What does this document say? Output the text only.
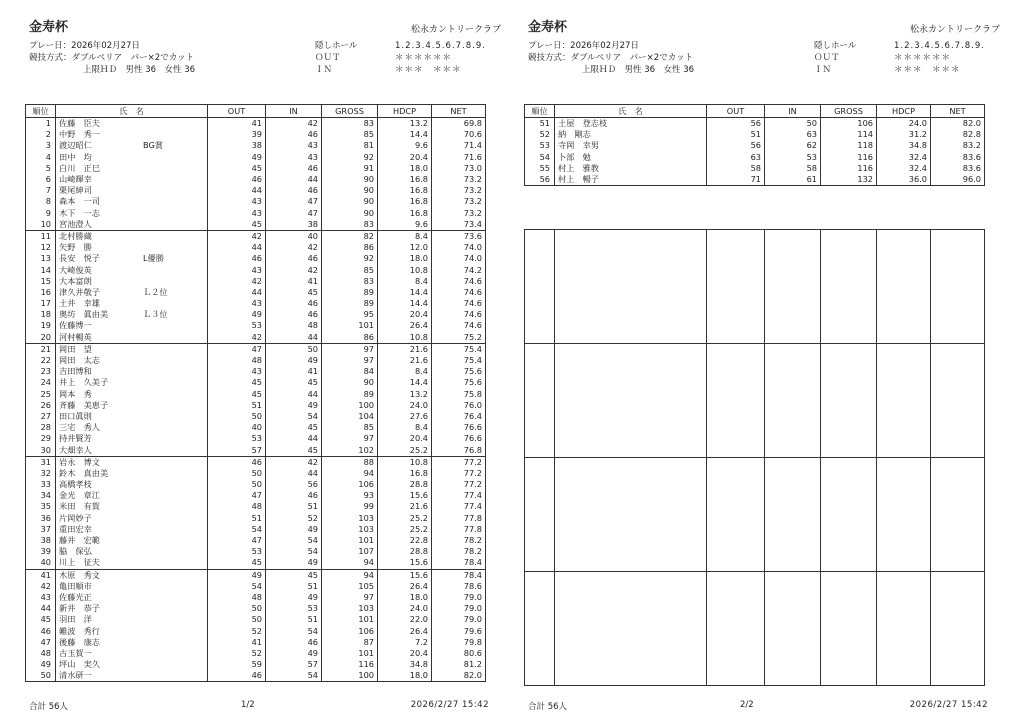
金寿杯	松永カントリークラブ
プレー日：2026年02月27日
競技方式：ダブルペリア　パー×2でカット
上限ＨＤ　男性 36　女性 36
隠しホール
ＯＵＴ
ＩＮ
1.2.3.4.5.6.7.8.9.
＊＊＊＊＊＊
＊＊＊　＊＊＊
順位	氏　名	OUT	IN	GROSS	HDCP	NET
1	佐藤　臣夫	41	42	83	13.2	69.8
2	中野　秀一	39	46	85	14.4	70.6
3	渡辺昭仁 BG賞	38	43	81	9.6	71.4
4	田中　均	49	43	92	20.4	71.6
5	白川　正巳	45	46	91	18.0	73.0
6	山崎輝幸	46	44	90	16.8	73.2
7	栗尾紳司	44	46	90	16.8	73.2
8	森本　一司	43	47	90	16.8	73.2
9	木下　一志	43	47	90	16.8	73.2
10	宮池澄人	45	38	83	9.6	73.4
11	北村勝蔵	42	40	82	8.4	73.6
12	矢野　勝	44	42	86	12.0	74.0
13	長安　悦子 L優勝	46	46	92	18.0	74.0
14	大崎俊英	43	42	85	10.8	74.2
15	大本富朗	42	41	83	8.4	74.6
16	津久井敬子 Ｌ２位	44	45	89	14.4	74.6
17	土井　幸雄	43	46	89	14.4	74.6
18	奥坊　眞由美 Ｌ３位	49	46	95	20.4	74.6
19	佐藤博一	53	48	101	26.4	74.6
20	河村暢英	42	44	86	10.8	75.2
21	岡田　望	47	50	97	21.6	75.4
22	岡田　太志	48	49	97	21.6	75.4
23	吉田博和	43	41	84	8.4	75.6
24	井上　久美子	45	45	90	14.4	75.6
25	岡本　秀	45	44	89	13.2	75.8
26	斉藤　美恵子	51	49	100	24.0	76.0
27	田口眞則	50	54	104	27.6	76.4
28	三宅　秀人	40	45	85	8.4	76.6
29	持井賢芳	53	44	97	20.4	76.6
30	大畑幸人	57	45	102	25.2	76.8
31	岩永　博文	46	42	88	10.8	77.2
32	鈴木　真由美	50	44	94	16.8	77.2
33	高橋孝枝	50	56	106	28.8	77.2
34	金光　章江	47	46	93	15.6	77.4
35	米田　有賀	48	51	99	21.6	77.4
36	片岡妙子	51	52	103	25.2	77.8
37	重田宏幸	54	49	103	25.2	77.8
38	藤井　宏範	47	54	101	22.8	78.2
39	脇　保弘	53	54	107	28.8	78.2
40	川上　征夫	45	49	94	15.6	78.4
41	木原　秀文	49	45	94	15.6	78.4
42	亀田順市	54	51	105	26.4	78.6
43	佐藤光正	48	49	97	18.0	79.0
44	新井　恭子	50	53	103	24.0	79.0
45	羽田　洋	50	51	101	22.0	79.0
46	難波　秀行	52	54	106	26.4	79.6
47	後藤　康志	41	46	87	7.2	79.8
48	古玉賀一	52	49	101	20.4	80.6
49	坪山　実久	59	57	116	34.8	81.2
50	清水研一	46	54	100	18.0	82.0
合計 56人	1/2	2026/2/27 15:42
金寿杯	松永カントリークラブ
プレー日：2026年02月27日
競技方式：ダブルペリア　パー×2でカット
上限ＨＤ　男性 36　女性 36
隠しホール
ＯＵＴ
ＩＮ
1.2.3.4.5.6.7.8.9.
＊＊＊＊＊＊
＊＊＊　＊＊＊
順位	氏　名	OUT	IN	GROSS	HDCP	NET
51	土屋　登志枝	56	50	106	24.0	82.0
52	納　剛志	51	63	114	31.2	82.8
53	寺岡　幸男	56	62	118	34.8	83.2
54	卜部　勉	63	53	116	32.4	83.6
55	村上　雅教	58	58	116	32.4	83.6
56	村上　暢子	71	61	132	36.0	96.0

合計 56人	2/2	2026/2/27 15:42
